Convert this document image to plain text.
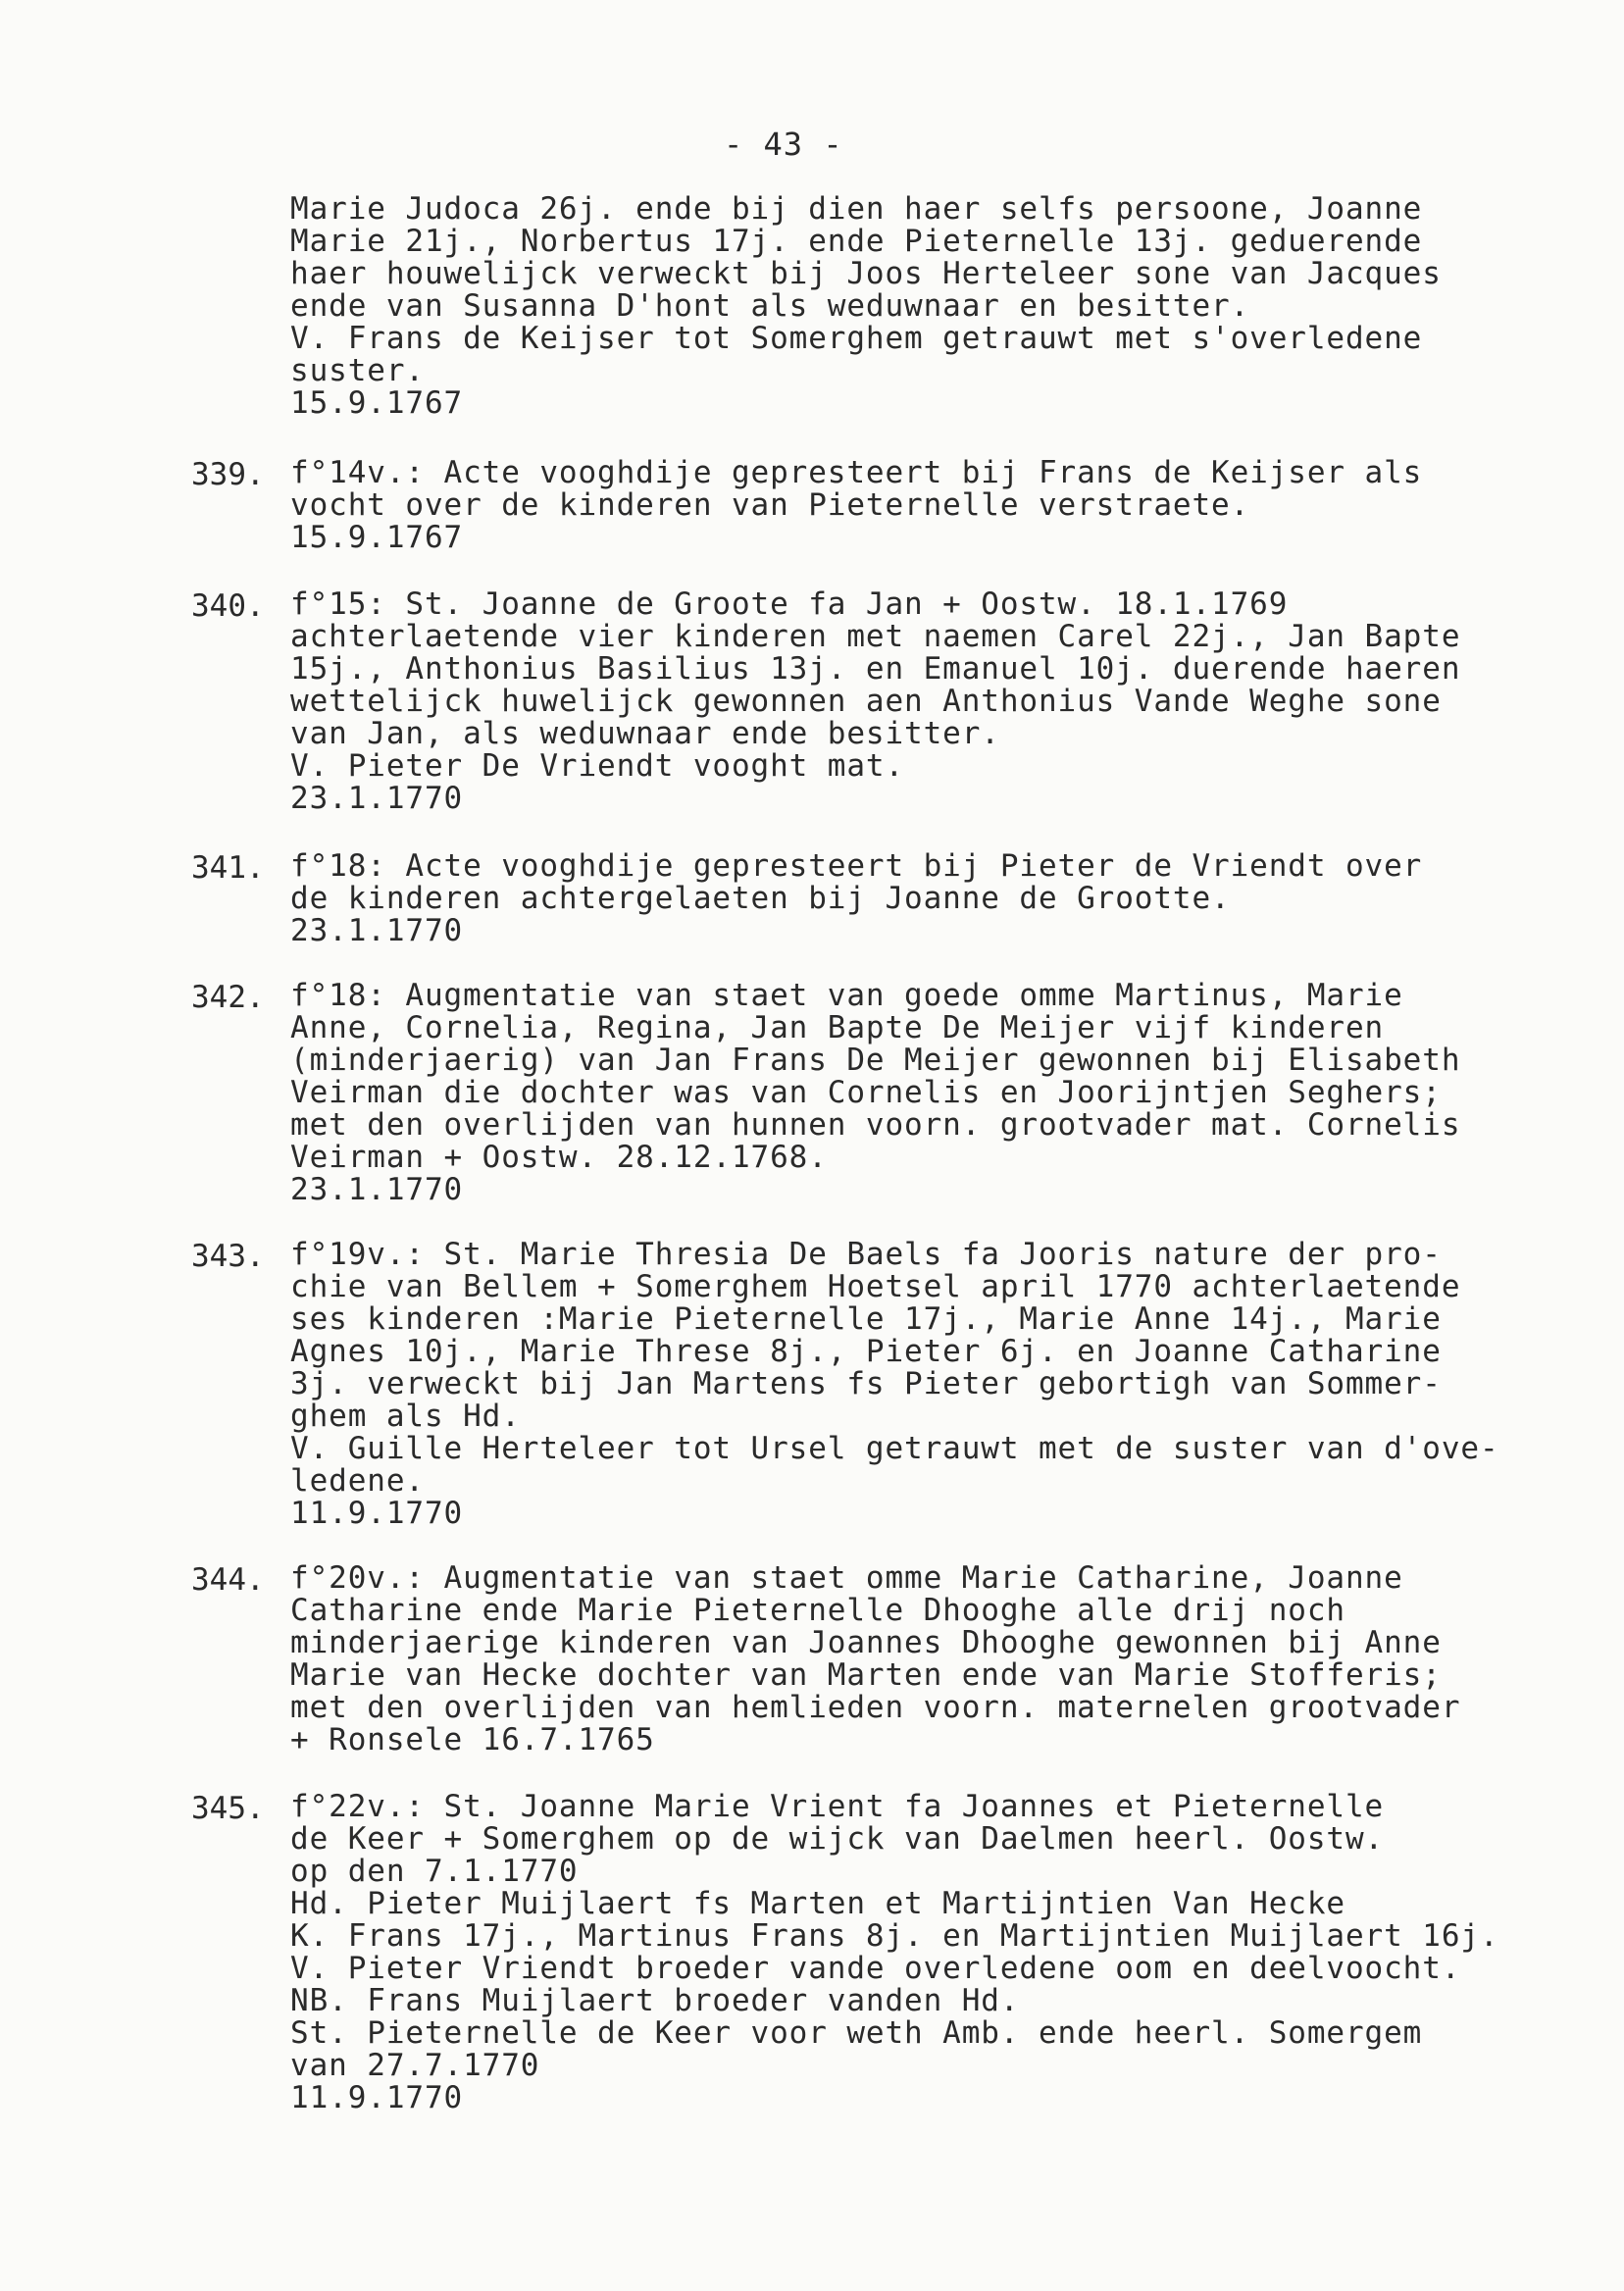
- 43 -
Marie Judoca 26j. ende bij dien haer selfs persoone, Joanne
Marie 21j., Norbertus 17j. ende Pieternelle 13j. geduerende
haer houwelijck verweckt bij Joos Herteleer sone van Jacques
ende van Susanna D'hont als weduwnaar en besitter.
V. Frans de Keijser tot Somerghem getrauwt met s'overledene
suster.
15.9.1767
339. f°14v.: Acte vooghdije gepresteert bij Frans de Keijser als
vocht over de kinderen van Pieternelle verstraete.
15.9.1767
340. f°15: St. Joanne de Groote fa Jan + Oostw. 18.1.1769
achterlaetende vier kinderen met naemen Carel 22j., Jan Bapte
15j., Anthonius Basilius 13j. en Emanuel 10j. duerende haeren
wettelijck huwelijck gewonnen aen Anthonius Vande Weghe sone
van Jan, als weduwnaar ende besitter.
V. Pieter De Vriendt vooght mat.
23.1.1770
341. f°18: Acte vooghdije gepresteert bij Pieter de Vriendt over
de kinderen achtergelaeten bij Joanne de Grootte.
23.1.1770
342. f°18: Augmentatie van staet van goede omme Martinus, Marie
Anne, Cornelia, Regina, Jan Bapte De Meijer vijf kinderen
(minderjaerig) van Jan Frans De Meijer gewonnen bij Elisabeth
Veirman die dochter was van Cornelis en Joorijntjen Seghers;
met den overlijden van hunnen voorn. grootvader mat. Cornelis
Veirman + Oostw. 28.12.1768.
23.1.1770
343. f°19v.: St. Marie Thresia De Baels fa Jooris nature der pro-
chie van Bellem + Somerghem Hoetsel april 1770 achterlaetende
ses kinderen :Marie Pieternelle 17j., Marie Anne 14j., Marie
Agnes 10j., Marie Threse 8j., Pieter 6j. en Joanne Catharine
3j. verweckt bij Jan Martens fs Pieter gebortigh van Sommer-
ghem als Hd.
V. Guille Herteleer tot Ursel getrauwt met de suster van d'ove-
ledene.
11.9.1770
344. f°20v.: Augmentatie van staet omme Marie Catharine, Joanne
Catharine ende Marie Pieternelle Dhooghe alle drij noch
minderjaerige kinderen van Joannes Dhooghe gewonnen bij Anne
Marie van Hecke dochter van Marten ende van Marie Stofferis;
met den overlijden van hemlieden voorn. maternelen grootvader
+ Ronsele 16.7.1765
345. f°22v.: St. Joanne Marie Vrient fa Joannes et Pieternelle
de Keer + Somerghem op de wijck van Daelmen heerl. Oostw.
op den 7.1.1770
Hd. Pieter Muijlaert fs Marten et Martijntien Van Hecke
K. Frans 17j., Martinus Frans 8j. en Martijntien Muijlaert 16j.
V. Pieter Vriendt broeder vande overledene oom en deelvoocht.
NB. Frans Muijlaert broeder vanden Hd.
St. Pieternelle de Keer voor weth Amb. ende heerl. Somergem
van 27.7.1770
11.9.1770
